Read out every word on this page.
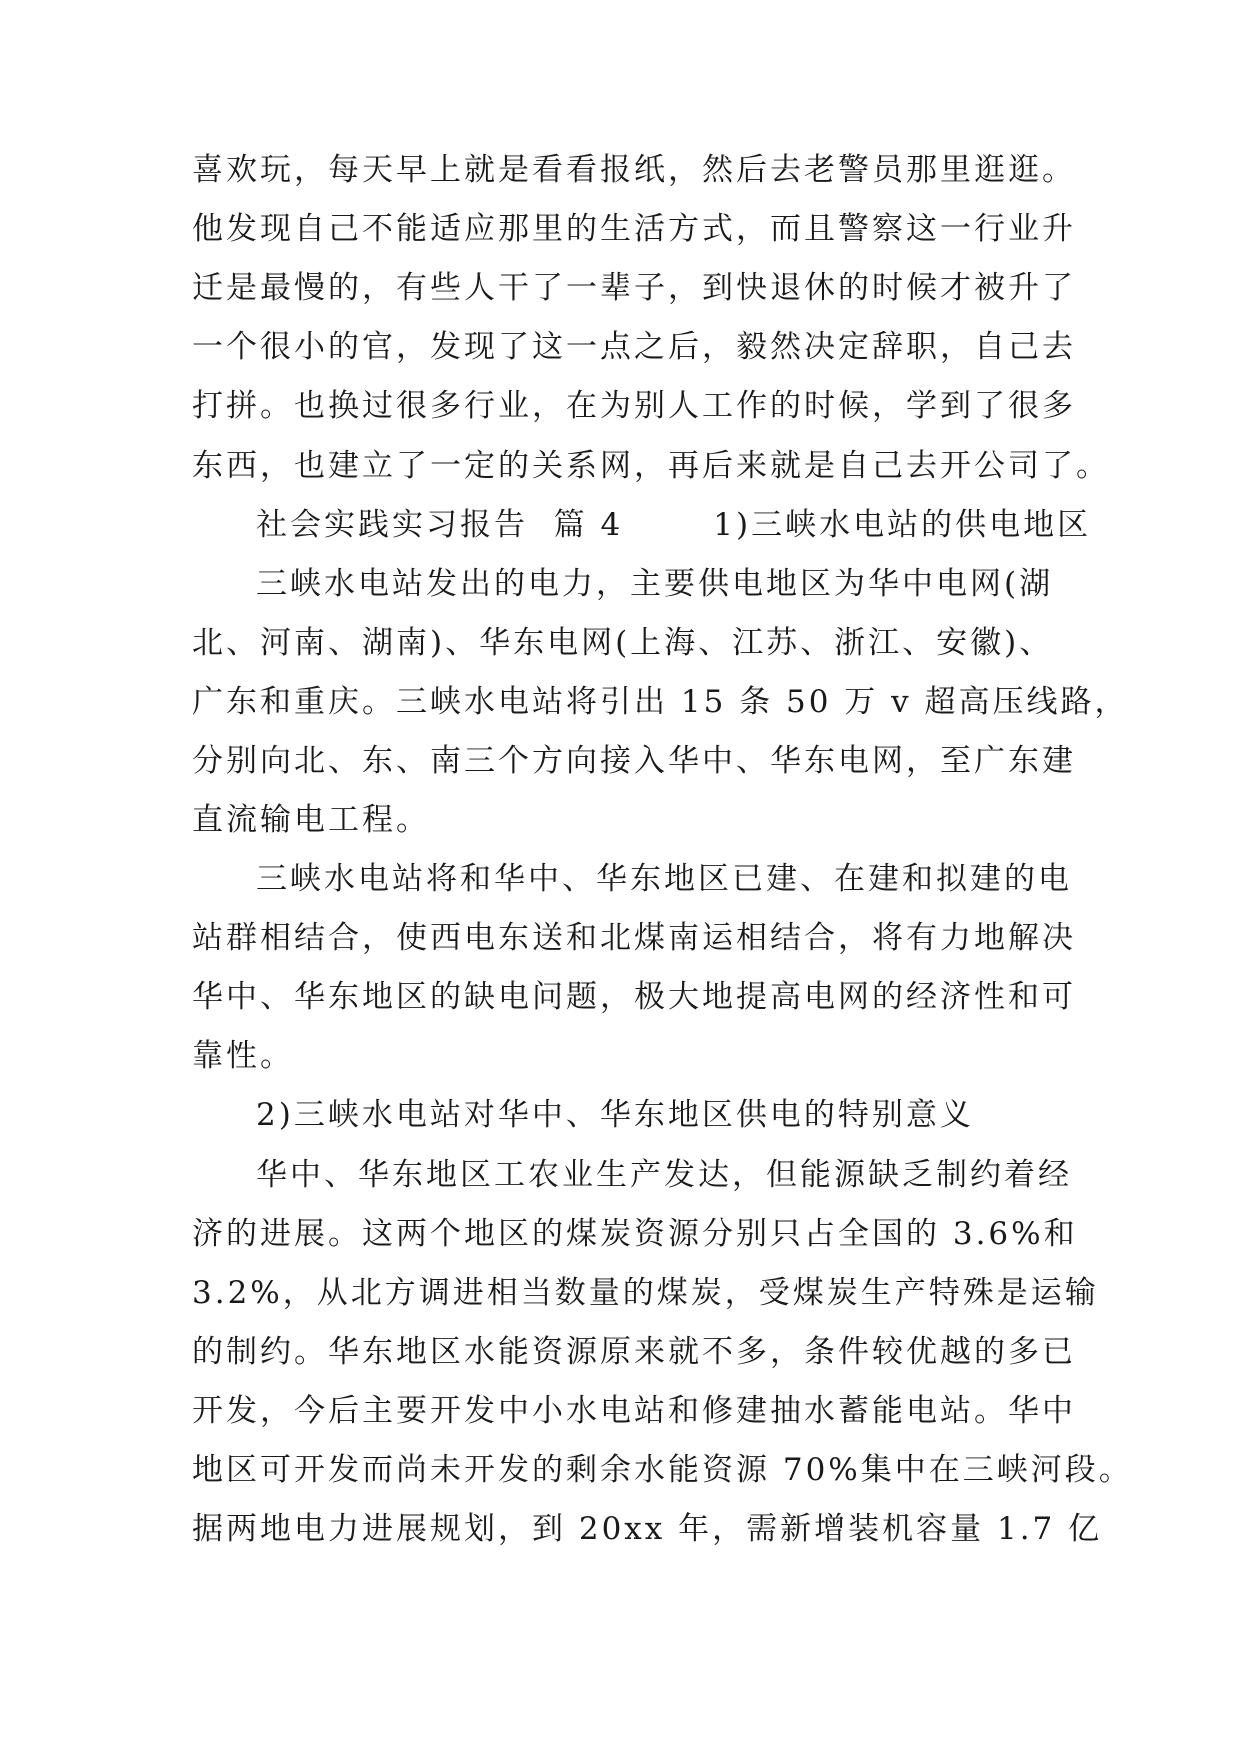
喜欢玩，每天早上就是看看报纸，然后去老警员那里逛逛。
他发现自己不能适应那里的生活方式，而且警察这一行业升
迁是最慢的，有些人干了一辈子，到快退休的时候才被升了
一个很小的官，发现了这一点之后，毅然决定辞职，自己去
打拼。也换过很多行业，在为别人工作的时候，学到了很多
东西，也建立了一定的关系网，再后来就是自己去开公司了。
社会实践实习报告  篇 4       1)三峡水电站的供电地区
三峡水电站发出的电力，主要供电地区为华中电网(湖
北、河南、湖南)、华东电网(上海、江苏、浙江、安徽)、
广东和重庆。三峡水电站将引出 15 条 50 万 v 超高压线路，
分别向北、东、南三个方向接入华中、华东电网，至广东建
直流输电工程。
三峡水电站将和华中、华东地区已建、在建和拟建的电
站群相结合，使西电东送和北煤南运相结合，将有力地解决
华中、华东地区的缺电问题，极大地提高电网的经济性和可
靠性。
2)三峡水电站对华中、华东地区供电的特别意义
华中、华东地区工农业生产发达，但能源缺乏制约着经
济的进展。这两个地区的煤炭资源分别只占全国的 3.6%和
3.2%，从北方调进相当数量的煤炭，受煤炭生产特殊是运输
的制约。华东地区水能资源原来就不多，条件较优越的多已
开发，今后主要开发中小水电站和修建抽水蓄能电站。华中
地区可开发而尚未开发的剩余水能资源 70%集中在三峡河段。
据两地电力进展规划，到 20xx 年，需新增装机容量 1.7 亿
